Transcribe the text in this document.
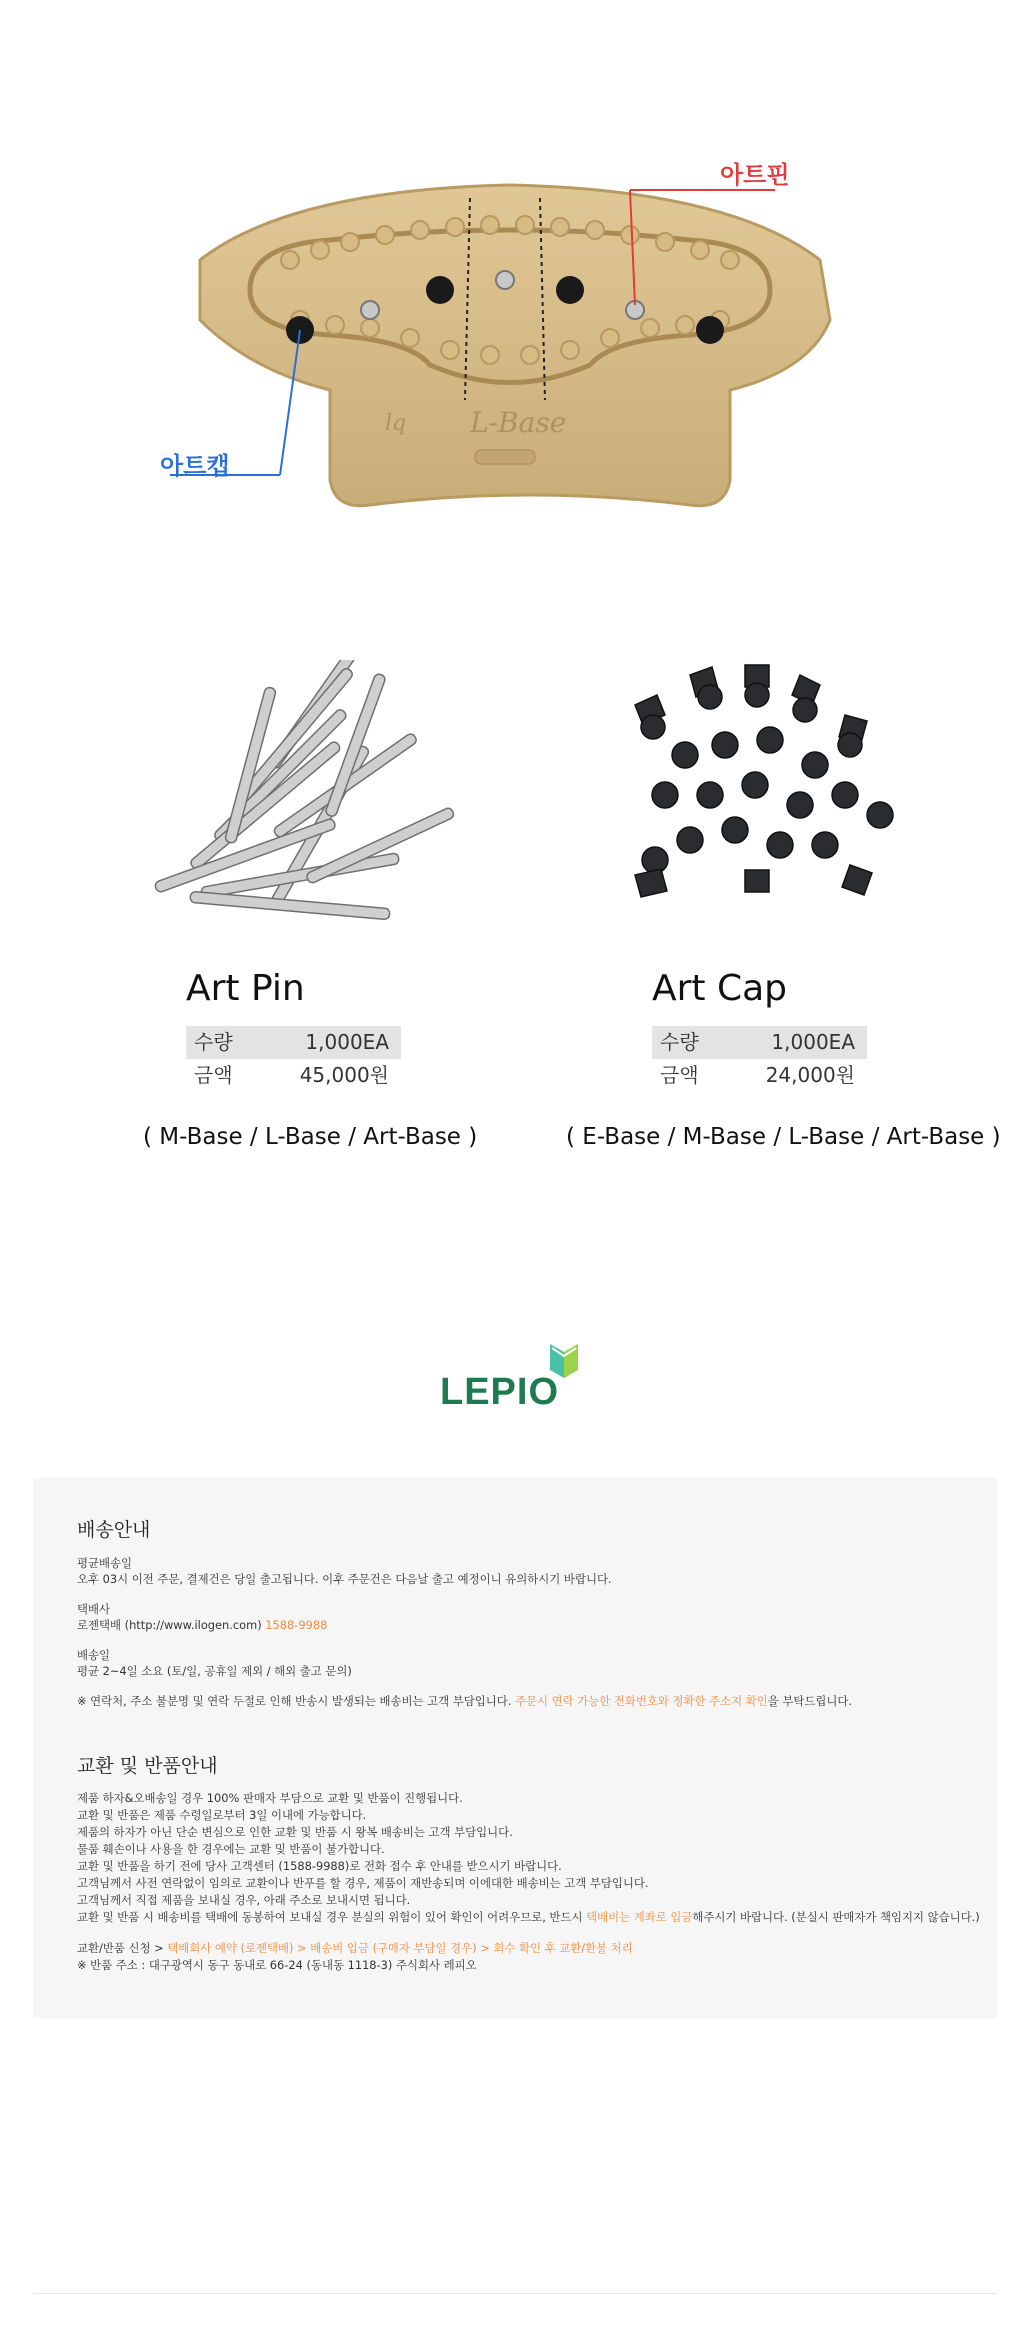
lq L-Base
아트핀
아트캡
Art Pin
수량	1,000EA
금액	45,000원
( M-Base / L-Base / Art-Base )
Art Cap
수량	1,000EA
금액	24,000원
( E-Base / M-Base / L-Base / Art-Base )
LEPIO
배송안내
평균배송일
오후 03시 이전 주문, 결제건은 당일 출고됩니다. 이후 주문건은 다음날 출고 예정이니 유의하시기 바랍니다.
택배사
로젠택배 (http://www.ilogen.com) 1588-9988
배송일
평균 2~4일 소요 (토/일, 공휴일 제외 / 해외 출고 문의)
※ 연락처, 주소 불분명 및 연락 두절로 인해 반송시 발생되는 배송비는 고객 부담입니다. 주문시 연락 가능한 전화번호와 정확한 주소지 확인을 부탁드립니다.
교환 및 반품안내
제품 하자&오배송일 경우 100% 판매자 부담으로 교환 및 반품이 진행됩니다.
교환 및 반품은 제품 수령일로부터 3일 이내에 가능합니다.
제품의 하자가 아닌 단순 변심으로 인한 교환 및 반품 시 왕복 배송비는 고객 부담입니다.
물품 훼손이나 사용을 한 경우에는 교환 및 반품이 불가합니다.
교환 및 반품을 하기 전에 당사 고객센터 (1588-9988)로 전화 접수 후 안내를 받으시기 바랍니다.
고객님께서 사전 연락없이 임의로 교환이나 반푸를 할 경우, 제품이 재반송되며 이에대한 배송비는 고객 부담입니다.
고객님께서 직접 제품을 보내실 경우, 아래 주소로 보내시면 됩니다.
교환 및 반품 시 배송비를 택배에 동봉하여 보내실 경우 분실의 위험이 있어 확인이 어려우므로, 반드시 택배비는 계좌로 입금해주시기 바랍니다. (분실시 판매자가 책임지지 않습니다.)
교환/반품 신청 > 택배회사 예약 (로젠택배) > 배송비 입금 (구매자 부담일 경우) > 회수 확인 후 교환/환불 처리
※ 반품 주소 : 대구광역시 동구 동내로 66-24 (동내동 1118-3) 주식회사 레피오
